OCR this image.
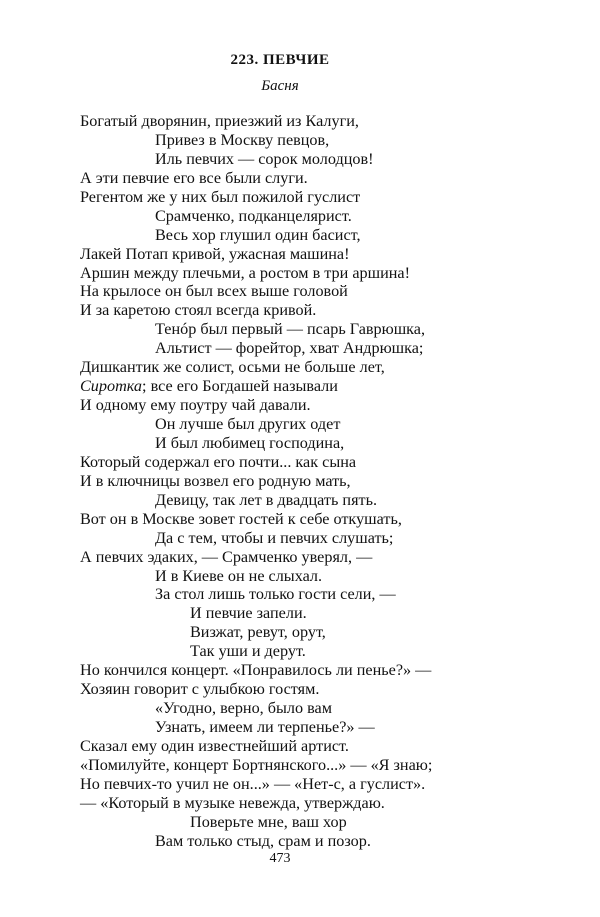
223. ПЕВЧИЕ
Басня
Богатый дворянин, приезжий из Калуги,
Привез в Москву певцов,
Иль певчих — сорок молодцов!
А эти певчие его все были слуги.
Регентом же у них был пожилой гуслист
Срамченко, подканцелярист.
Весь хор глушил один басист,
Лакей Потап кривой, ужасная машина!
Аршин между плечьми, а ростом в три аршина!
На крылосе он был всех выше головой
И за каретою стоял всегда кривой.
Тенóр был первый — псарь Гаврюшка,
Альтист — форейтор, хват Андрюшка;
Дишкантик же солист, осьми не больше лет,
Сиротка; все его Богдашей называли
И одному ему поутру чай давали.
Он лучше был других одет
И был любимец господина,
Который содержал его почти... как сына
И в ключницы возвел его родную мать,
Девицу, так лет в двадцать пять.
Вот он в Москве зовет гостей к себе откушать,
Да с тем, чтобы и певчих слушать;
А певчих эдаких, — Срамченко уверял, —
И в Киеве он не слыхал.
За стол лишь только гости сели, —
И певчие запели.
Визжат, ревут, орут,
Так уши и дерут.
Но кончился концерт. «Понравилось ли пенье?» —
Хозяин говорит с улыбкою гостям.
«Угодно, верно, было вам
Узнать, имеем ли терпенье?» —
Сказал ему один известнейший артист.
«Помилуйте, концерт Бортнянского...» — «Я знаю;
Но певчих-то учил не он...» — «Нет-с, а гуслист».
— «Который в музыке невежда, утверждаю.
Поверьте мне, ваш хор
Вам только стыд, срам и позор.
473
